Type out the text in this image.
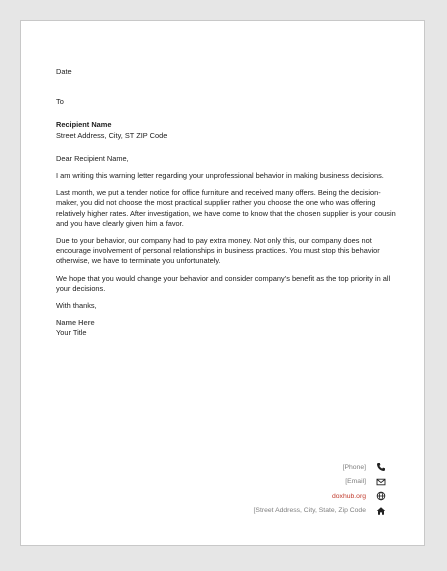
Date

To

Recipient Name

Street Address, City, ST ZIP Code

Dear Recipient Name,

I am writing this warning letter regarding your unprofessional behavior in making business decisions.

Last month, we put a tender notice for office furniture and received many offers. Being the decision-maker, you did not choose the most practical supplier rather you choose the one who was offering relatively higher rates. After investigation, we have come to know that the chosen supplier is your cousin and you have clearly given him a favor.

Due to your behavior, our company had to pay extra money. Not only this, our company does not encourage involvement of personal relationships in business practices. You must stop this behavior otherwise, we have to terminate you unfortunately.

We hope that you would change your behavior and consider company’s benefit as the top priority in all your decisions.

With thanks,

Name Here

Your Title

[Phone]
[Email]
doxhub.org
[Street Address, City, State, Zip Code
